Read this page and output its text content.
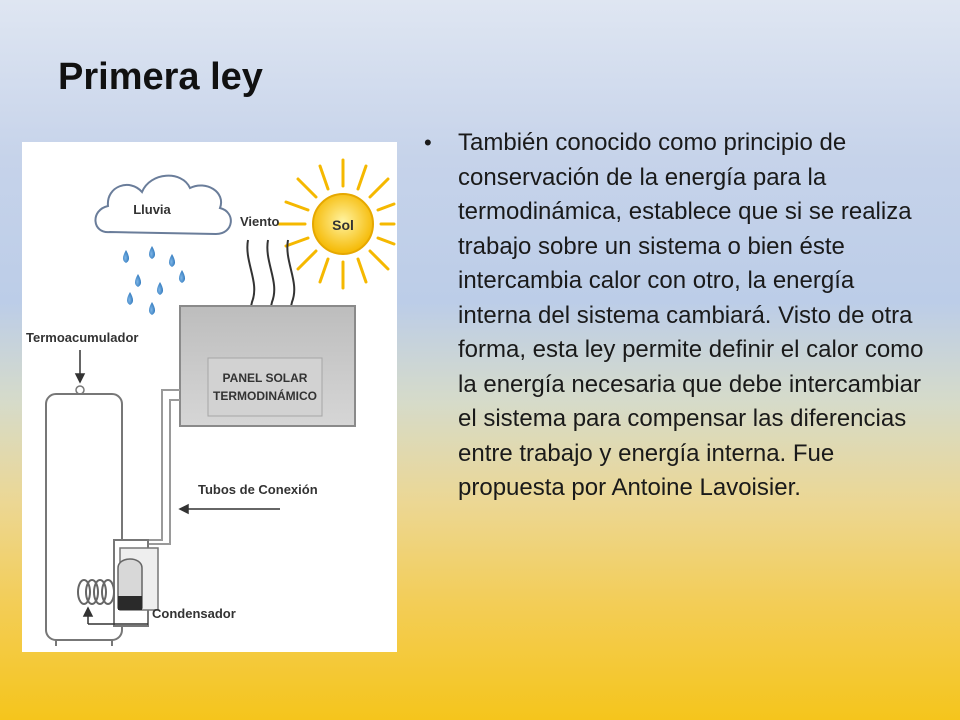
Primera ley
Lluvia
Sol
Viento
PANEL SOLAR
TERMODINÁMICO
Termoacumulador
Tubos de Conexión
Condensador
•	También conocido como principio de conservación de la energía para la termodinámica, establece que si se realiza trabajo sobre un sistema o bien éste intercambia calor con otro, la energía interna del sistema cambiará. Visto de otra forma, esta ley permite definir el calor como la energía necesaria que debe intercambiar el sistema para compensar las diferencias entre trabajo y energía interna. Fue propuesta por Antoine Lavoisier.
